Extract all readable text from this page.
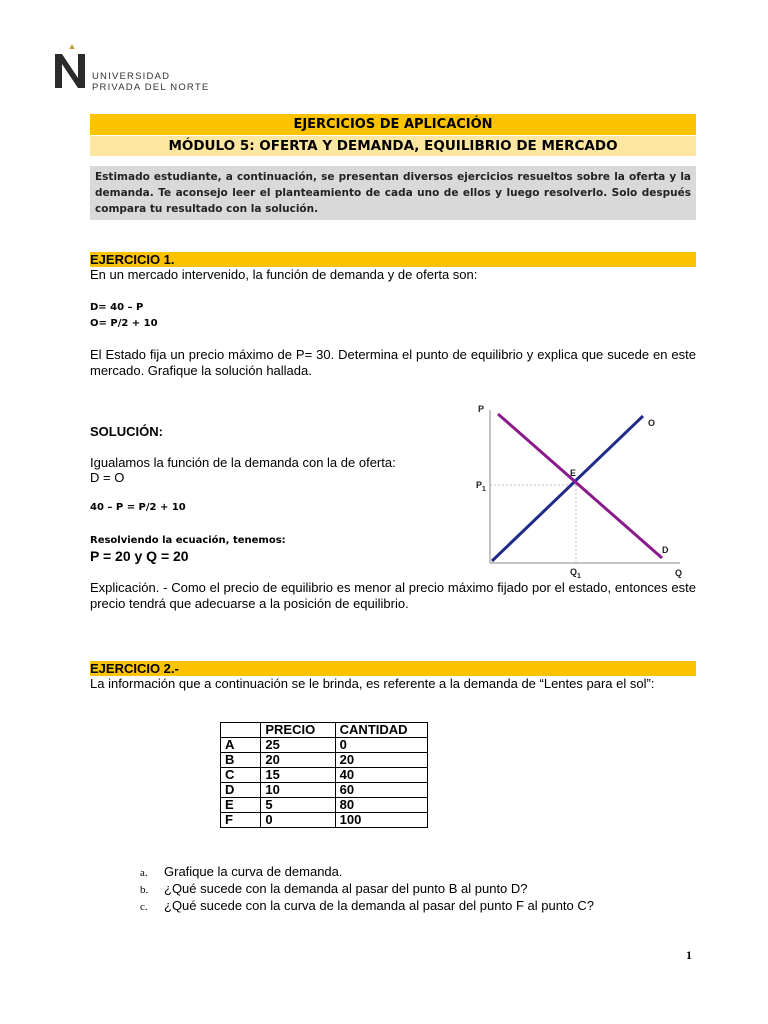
UNIVERSIDAD
PRIVADA DEL NORTE
EJERCICIOS DE APLICACIÓN
MÓDULO 5: OFERTA Y DEMANDA, EQUILIBRIO DE MERCADO
Estimado estudiante, a continuación, se presentan diversos ejercicios resueltos sobre la oferta y la demanda. Te aconsejo leer el planteamiento de cada uno de ellos y luego resolverlo. Solo después compara tu resultado con la solución.
EJERCICIO 1.
En un mercado intervenido, la función de demanda y de oferta son:
D= 40 – P
O= P/2 + 10
El Estado fija un precio máximo de P= 30. Determina el punto de equilibrio y explica que sucede en este mercado. Grafique la solución hallada.
SOLUCIÓN:
Igualamos la función de la demanda con la de oferta:
D = O
40 – P = P/2 + 10
Resolviendo la ecuación, tenemos:
P = 20 y Q = 20
Explicación. - Como el precio de equilibrio es menor al precio máximo fijado por el estado, entonces este precio tendrá que adecuarse a la posición de equilibrio.
P
Q
O
D
E
$P_1$
$Q_1$
EJERCICIO 2.-
La información que a continuación se le brinda, es referente a la demanda de “Lentes para el sol”:
	PRECIO	CANTIDAD
A	25	0
B	20	20
C	15	40
D	10	60
E	5	80
F	0	100
a. Grafique la curva de demanda.
b. ¿Qué sucede con la demanda al pasar del punto B al punto D?
c. ¿Qué sucede con la curva de la demanda al pasar del punto F al punto C?
1
